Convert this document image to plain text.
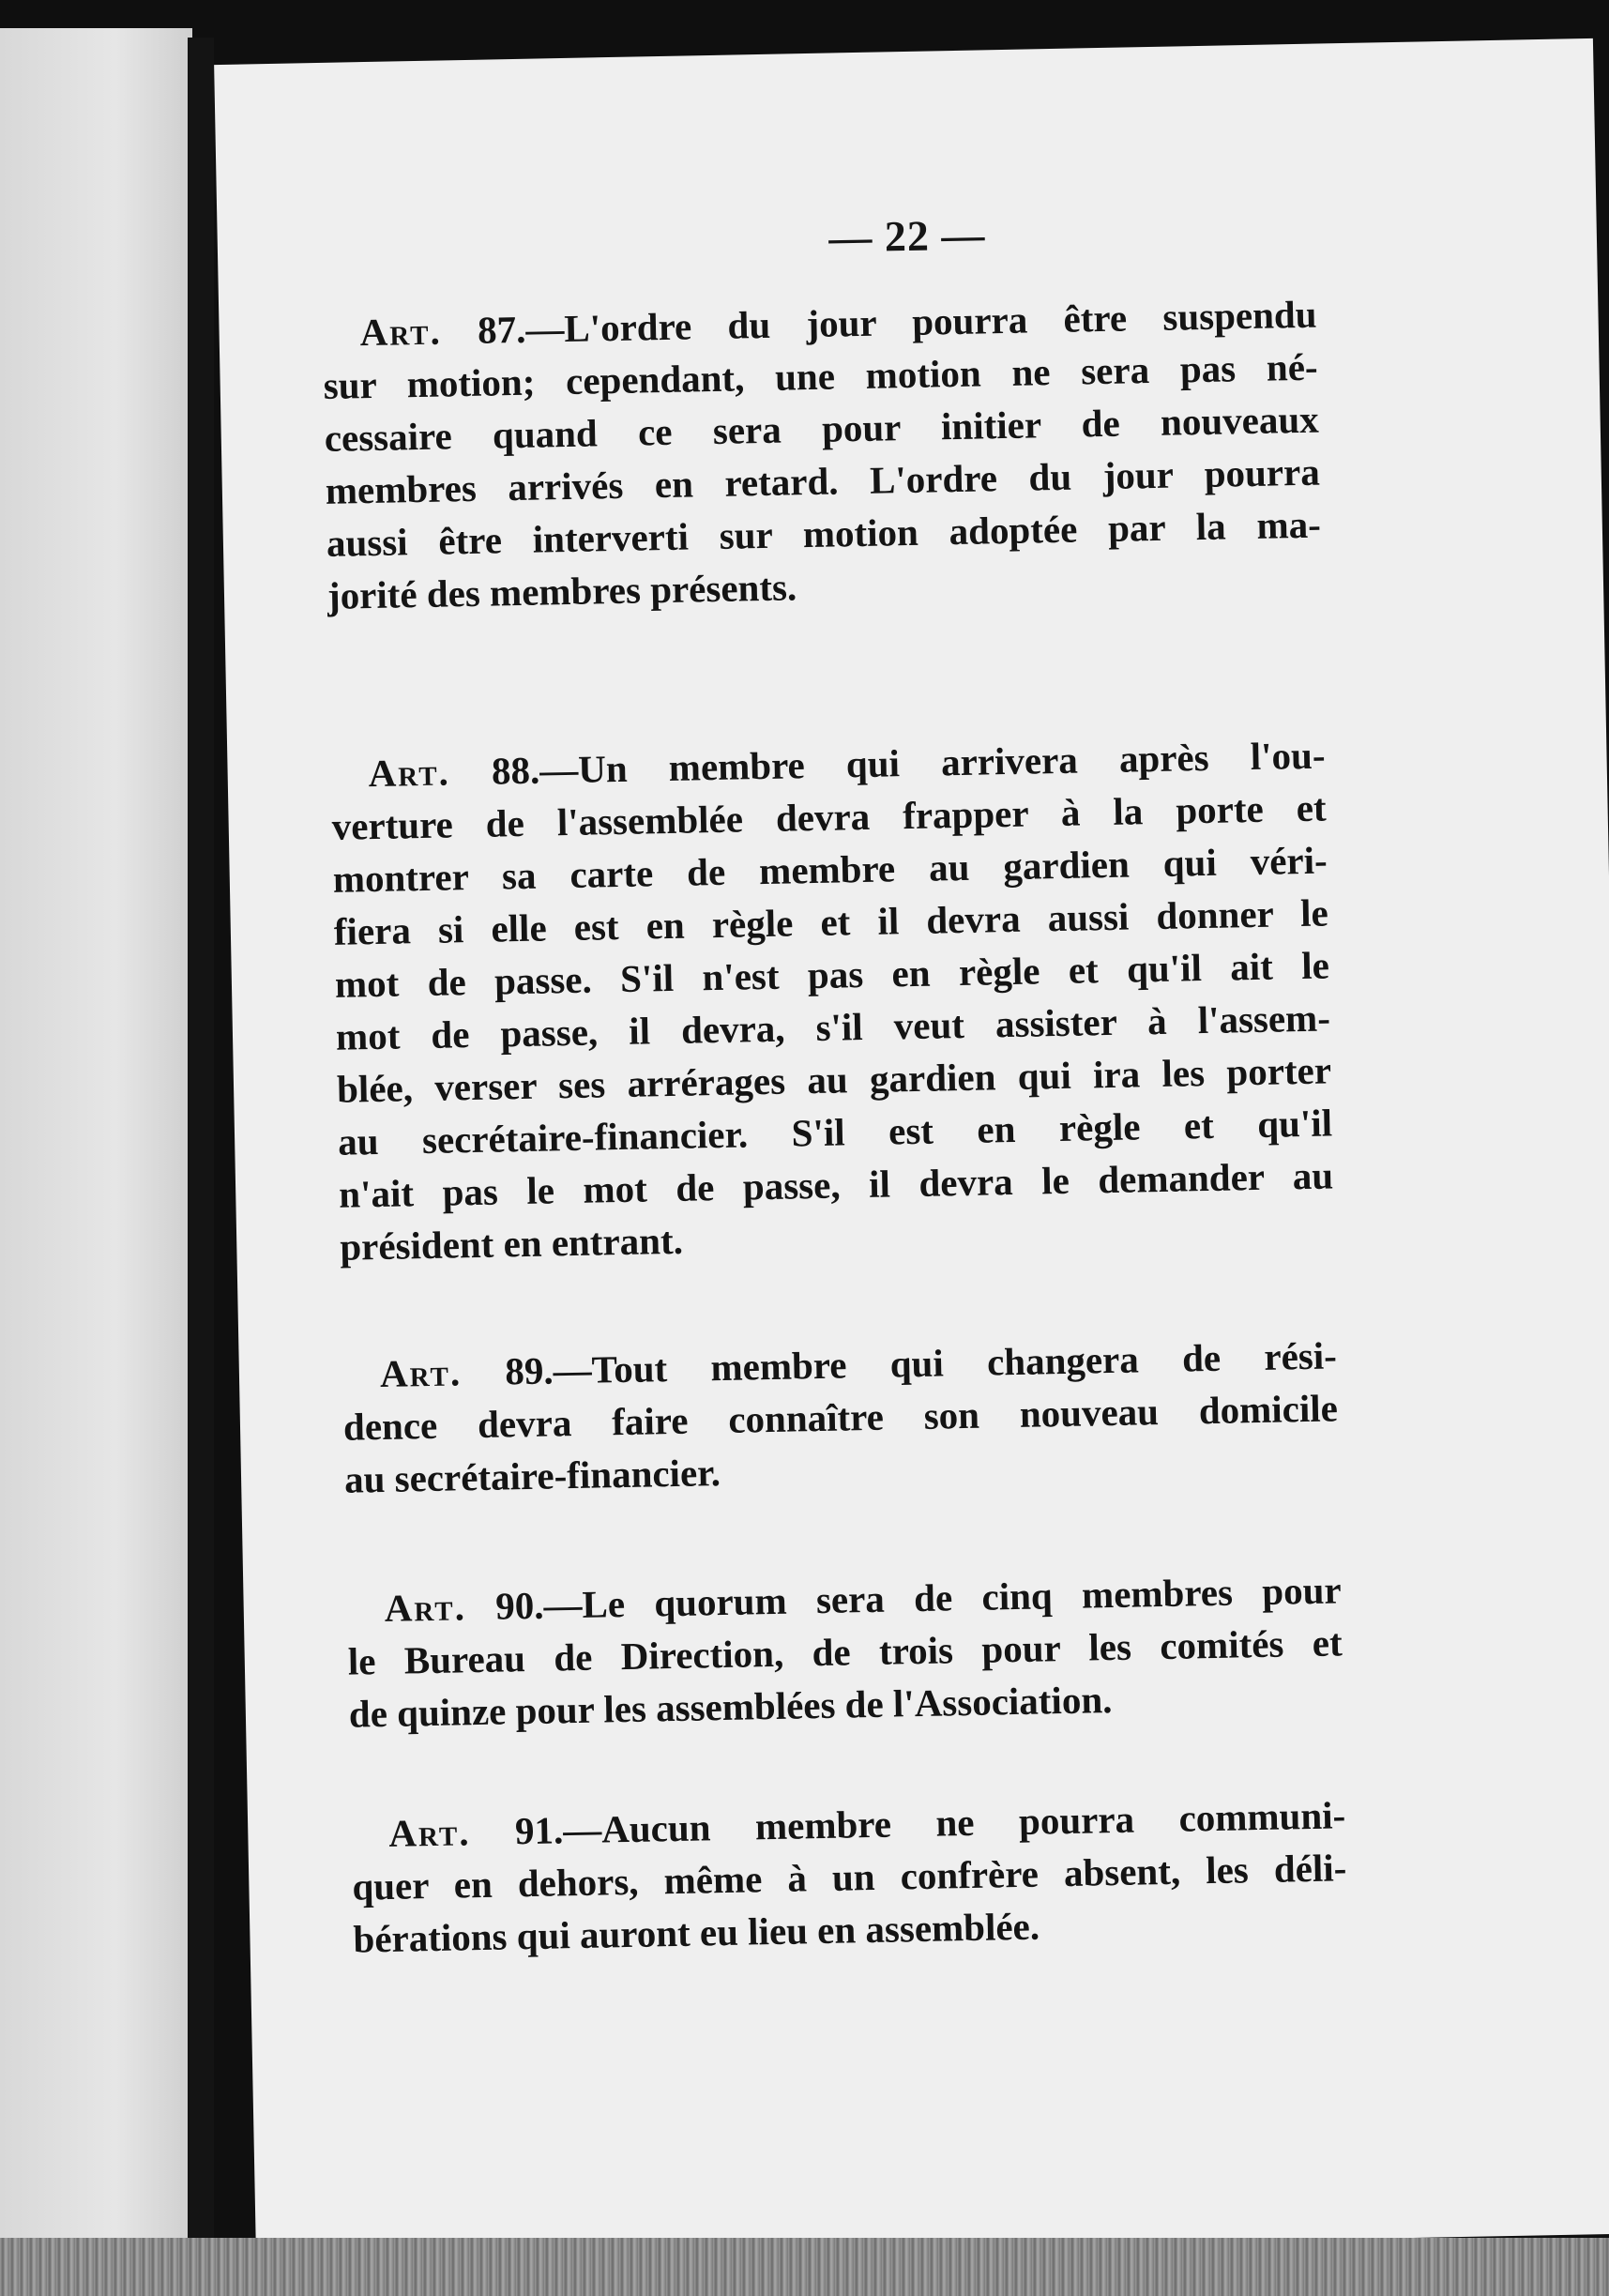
— 22 —
Art. 87.—L'ordre du jour pourra être suspendu
sur motion; cependant, une motion ne sera pas né-
cessaire quand ce sera pour initier de nouveaux
membres arrivés en retard. L'ordre du jour pourra
aussi être interverti sur motion adoptée par la ma-
jorité des membres présents.
Art. 88.—Un membre qui arrivera après l'ou-
verture de l'assemblée devra frapper à la porte et
montrer sa carte de membre au gardien qui véri-
fiera si elle est en règle et il devra aussi donner le
mot de passe. S'il n'est pas en règle et qu'il ait le
mot de passe, il devra, s'il veut assister à l'assem-
blée, verser ses arrérages au gardien qui ira les porter
au secrétaire-financier. S'il est en règle et qu'il
n'ait pas le mot de passe, il devra le demander au
président en entrant.
Art. 89.—Tout membre qui changera de rési-
dence devra faire connaître son nouveau domicile
au secrétaire-financier.
Art. 90.—Le quorum sera de cinq membres pour
le Bureau de Direction, de trois pour les comités et
de quinze pour les assemblées de l'Association.
Art. 91.—Aucun membre ne pourra communi-
quer en dehors, même à un confrère absent, les déli-
bérations qui auront eu lieu en assemblée.
